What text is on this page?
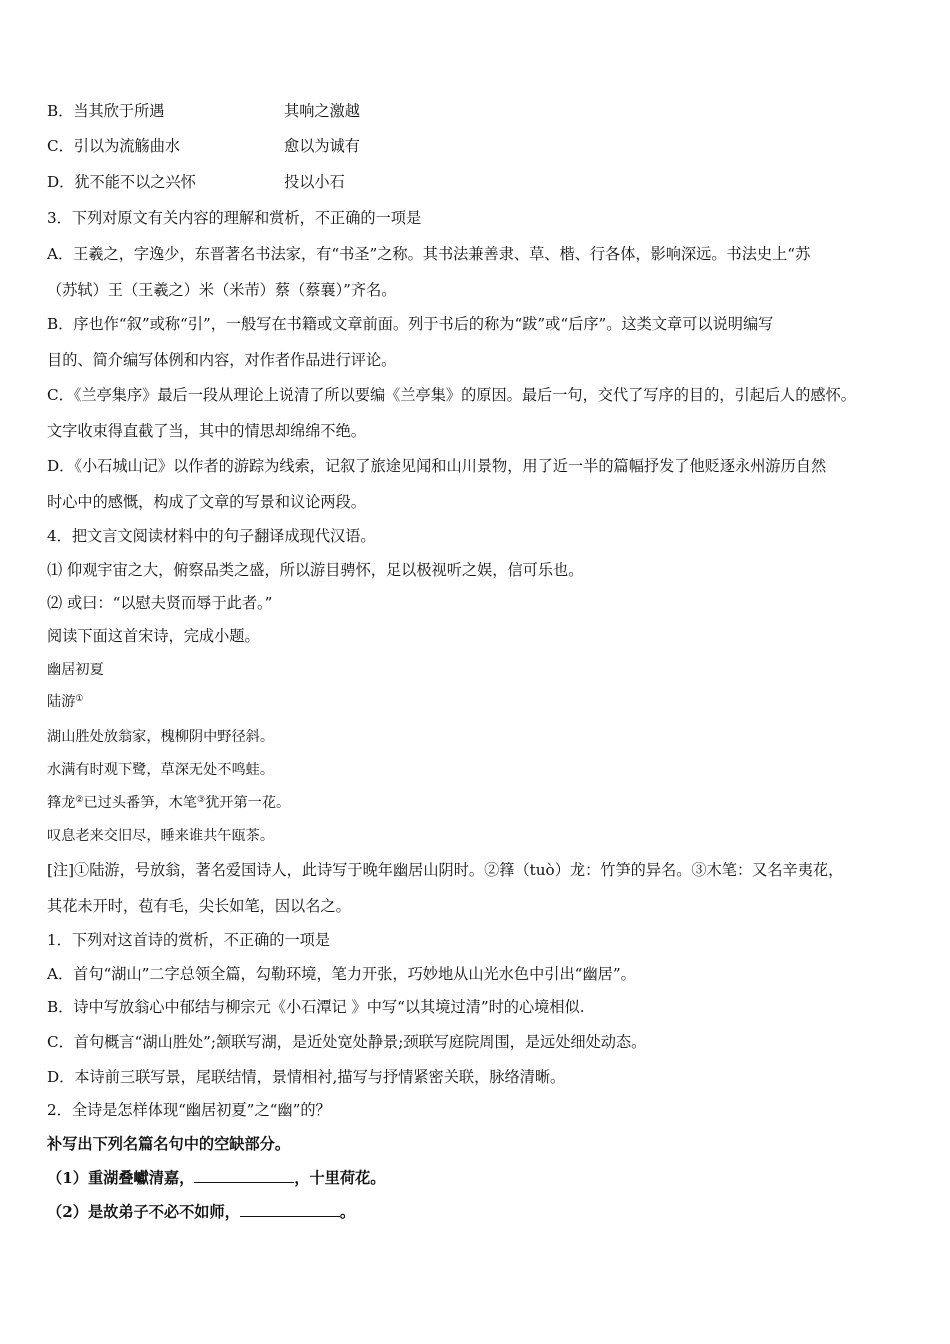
B．当其欣于所遇	其响之激越
C．引以为流觞曲水	愈以为诚有
D．犹不能不以之兴怀	投以小石
3．下列对原文有关内容的理解和赏析，不正确的一项是
A．王羲之，字逸少，东晋著名书法家，有“书圣”之称。其书法兼善隶、草、楷、行各体，影响深远。书法史上“苏
（苏轼）王（王羲之）米（米芾）蔡（蔡襄）”齐名。
B．序也作“叙”或称“引”，一般写在书籍或文章前面。列于书后的称为“跋”或“后序”。这类文章可以说明编写
目的、简介编写体例和内容，对作者作品进行评论。
C．《兰亭集序》最后一段从理论上说清了所以要编《兰亭集》的原因。最后一句，交代了写序的目的，引起后人的感怀。
文字收束得直截了当，其中的情思却绵绵不绝。
D．《小石城山记》以作者的游踪为线索，记叙了旅途见闻和山川景物，用了近一半的篇幅抒发了他贬逐永州游历自然
时心中的感慨，构成了文章的写景和议论两段。
4．把文言文阅读材料中的句子翻译成现代汉语。
⑴ 仰观宇宙之大，俯察品类之盛，所以游目骋怀，足以极视听之娱，信可乐也。
⑵ 或曰：“以慰夫贤而辱于此者。”
阅读下面这首宋诗，完成小题。
幽居初夏
陆游①
湖山胜处放翁家，槐柳阴中野径斜。
水满有时观下鹭，草深无处不鸣蛙。
箨龙②已过头番笋，木笔③犹开第一花。
叹息老来交旧尽，睡来谁共午瓯茶。
[注]①陆游，号放翁，著名爱国诗人，此诗写于晚年幽居山阴时。②箨（tuò）龙：竹笋的异名。③木笔：又名辛夷花，
其花未开时，苞有毛，尖长如笔，因以名之。
1．下列对这首诗的赏析，不正确的一项是
A．首句“湖山”二字总领全篇，勾勒环境，笔力开张，巧妙地从山光水色中引出“幽居”。
B．诗中写放翁心中郁结与柳宗元《小石潭记 》中写“以其境过清”时的心境相似.
C．首句概言“湖山胜处”;颔联写湖，是近处宽处静景;颈联写庭院周围，是远处细处动态。
D．本诗前三联写景，尾联结情，景情相衬,描写与抒情紧密关联，脉络清晰。
2．全诗是怎样体现“幽居初夏”之“幽”的？
补写出下列名篇名句中的空缺部分。
（1）重湖叠巘清嘉，	，十里荷花。
（2）是故弟子不必不如师，	。
